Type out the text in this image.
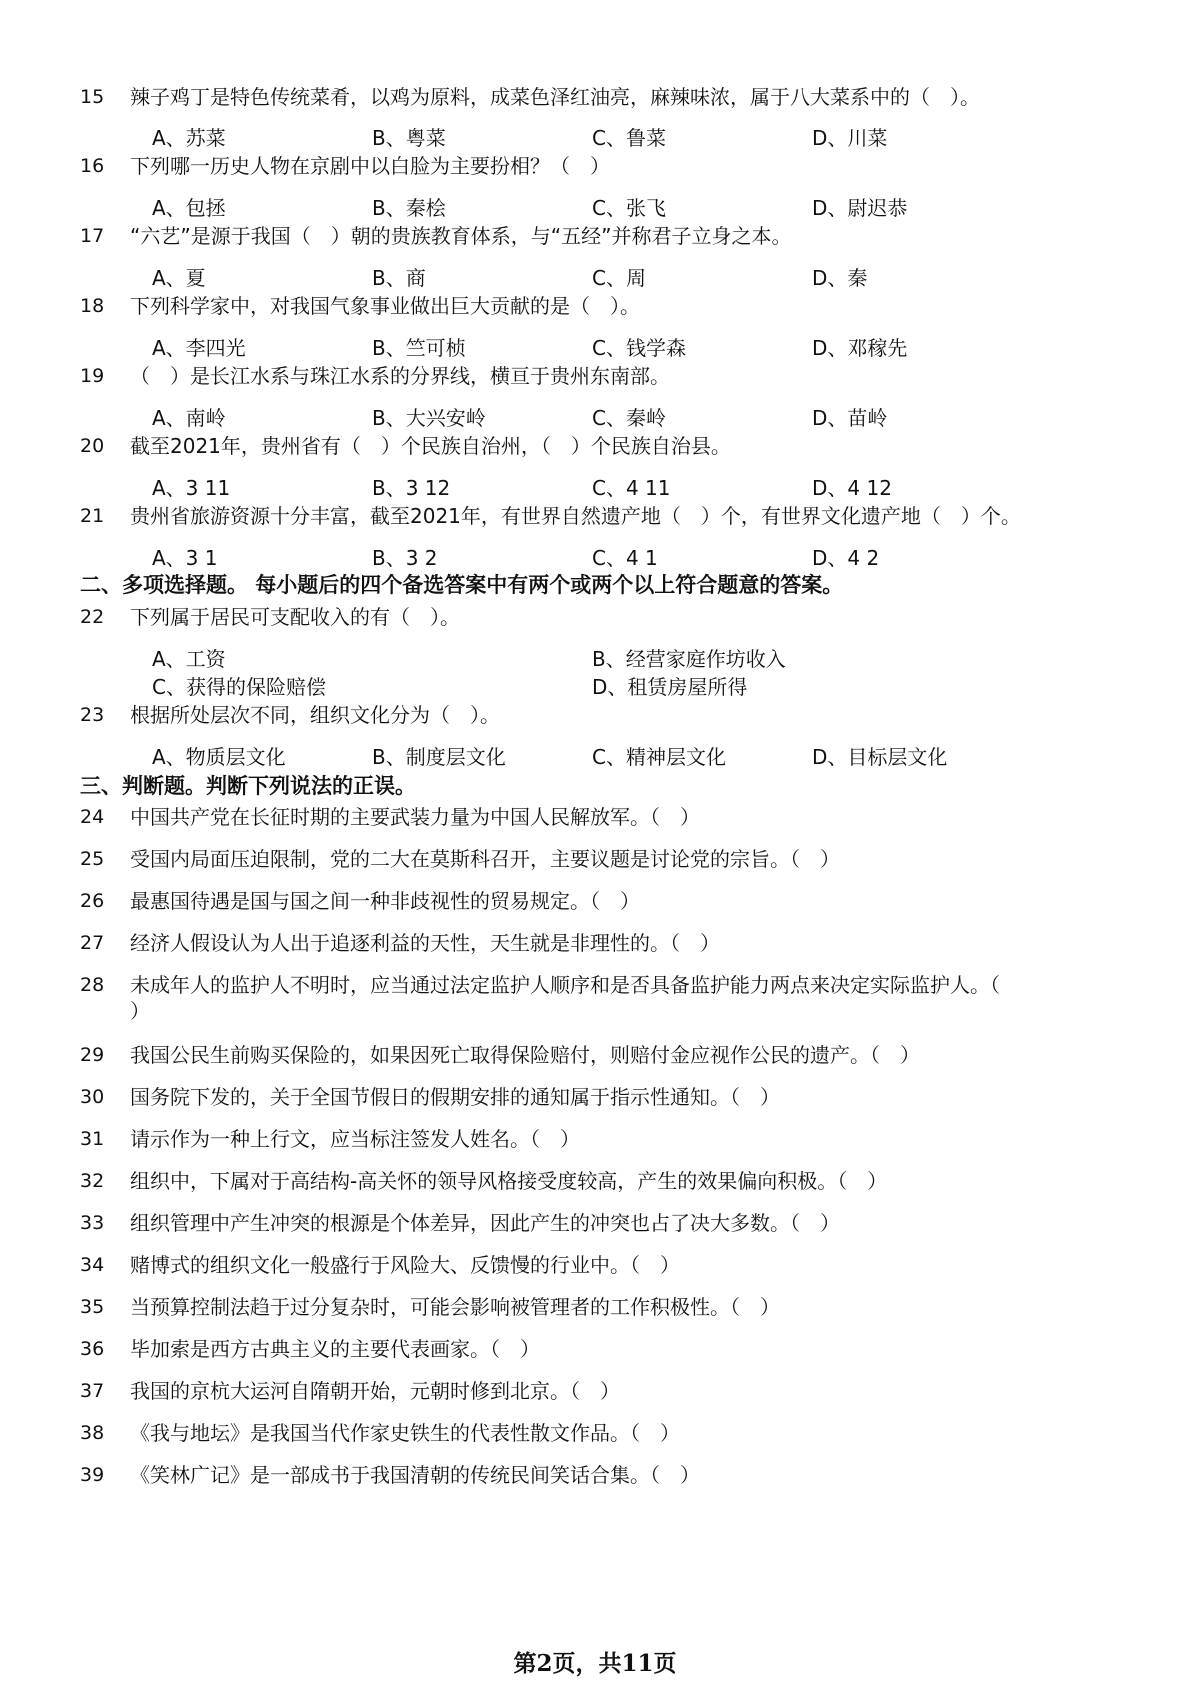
15	辣子鸡丁是特色传统菜肴，以鸡为原料，成菜色泽红油亮，麻辣味浓，属于八大菜系中的（　）。
A、苏菜	B、粤菜	C、鲁菜	D、川菜
16	下列哪一历史人物在京剧中以白脸为主要扮相？（　）
A、包拯	B、秦桧	C、张飞	D、尉迟恭
17	“六艺”是源于我国（　）朝的贵族教育体系，与“五经”并称君子立身之本。
A、夏	B、商	C、周	D、秦
18	下列科学家中，对我国气象事业做出巨大贡献的是（　）。
A、李四光	B、竺可桢	C、钱学森	D、邓稼先
19	（　）是长江水系与珠江水系的分界线，横亘于贵州东南部。
A、南岭	B、大兴安岭	C、秦岭	D、苗岭
20	截至2021年，贵州省有（　）个民族自治州，（　）个民族自治县。
A、3 11	B、3 12	C、4 11	D、4 12
21	贵州省旅游资源十分丰富，截至2021年，有世界自然遗产地（　）个，有世界文化遗产地（　）个。
A、3 1	B、3 2	C、4 1	D、4 2
二、多项选择题。 每小题后的四个备选答案中有两个或两个以上符合题意的答案。
22	下列属于居民可支配收入的有（　）。
A、工资	B、经营家庭作坊收入
C、获得的保险赔偿	D、租赁房屋所得
23	根据所处层次不同，组织文化分为（　）。
A、物质层文化	B、制度层文化	C、精神层文化	D、目标层文化
三、判断题。判断下列说法的正误。
24	中国共产党在长征时期的主要武装力量为中国人民解放军。（　）
25	受国内局面压迫限制，党的二大在莫斯科召开，主要议题是讨论党的宗旨。（　）
26	最惠国待遇是国与国之间一种非歧视性的贸易规定。（　）
27	经济人假设认为人出于追逐利益的天性，天生就是非理性的。（　）
28	未成年人的监护人不明时，应当通过法定监护人顺序和是否具备监护能力两点来决定实际监护人。（
）
29	我国公民生前购买保险的，如果因死亡取得保险赔付，则赔付金应视作公民的遗产。（　）
30	国务院下发的，关于全国节假日的假期安排的通知属于指示性通知。（　）
31	请示作为一种上行文，应当标注签发人姓名。（　）
32	组织中，下属对于高结构-高关怀的领导风格接受度较高，产生的效果偏向积极。（　）
33	组织管理中产生冲突的根源是个体差异，因此产生的冲突也占了决大多数。（　）
34	赌博式的组织文化一般盛行于风险大、反馈慢的行业中。（　）
35	当预算控制法趋于过分复杂时，可能会影响被管理者的工作积极性。（　）
36	毕加索是西方古典主义的主要代表画家。（　）
37	我国的京杭大运河自隋朝开始，元朝时修到北京。（　）
38	《我与地坛》是我国当代作家史铁生的代表性散文作品。（　）
39	《笑林广记》是一部成书于我国清朝的传统民间笑话合集。（　）
第2页，共11页
